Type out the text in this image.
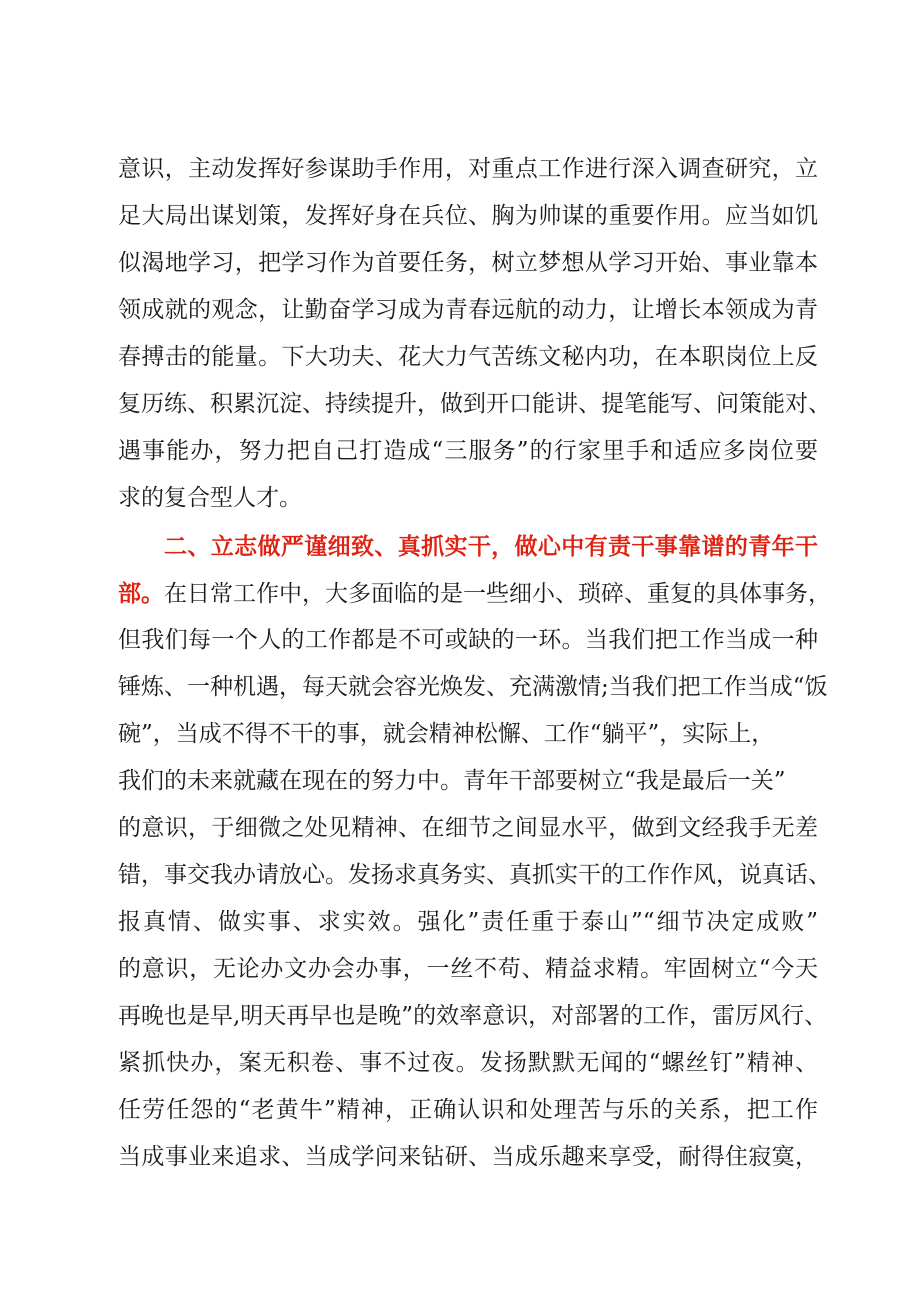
意识，主动发挥好参谋助手作用，对重点工作进行深入调查研究，立
足大局出谋划策，发挥好身在兵位、胸为帅谋的重要作用。应当如饥
似渴地学习，把学习作为首要任务，树立梦想从学习开始、事业靠本
领成就的观念，让勤奋学习成为青春远航的动力，让增长本领成为青
春搏击的能量。下大功夫、花大力气苦练文秘内功，在本职岗位上反
复历练、积累沉淀、持续提升，做到开口能讲、提笔能写、问策能对、
遇事能办，努力把自己打造成“三服务”的行家里手和适应多岗位要
求的复合型人才。
二、立志做严谨细致、真抓实干，做心中有责干事靠谱的青年干
部。在日常工作中，大多面临的是一些细小、琐碎、重复的具体事务，
但我们每一个人的工作都是不可或缺的一环。当我们把工作当成一种
锤炼、一种机遇，每天就会容光焕发、充满激情;当我们把工作当成“饭
碗”，当成不得不干的事，就会精神松懈、工作“躺平”，实际上，
我们的未来就藏在现在的努力中。青年干部要树立“我是最后一关”
的意识，于细微之处见精神、在细节之间显水平，做到文经我手无差
错，事交我办请放心。发扬求真务实、真抓实干的工作作风，说真话、
报真情、做实事、求实效。强化”责任重于泰山”“细节决定成败”
的意识，无论办文办会办事，一丝不苟、精益求精。牢固树立“今天
再晚也是早,明天再早也是晚”的效率意识，对部署的工作，雷厉风行、
紧抓快办，案无积卷、事不过夜。发扬默默无闻的“螺丝钉”精神、
任劳任怨的“老黄牛”精神，正确认识和处理苦与乐的关系，把工作
当成事业来追求、当成学问来钻研、当成乐趣来享受，耐得住寂寞，
